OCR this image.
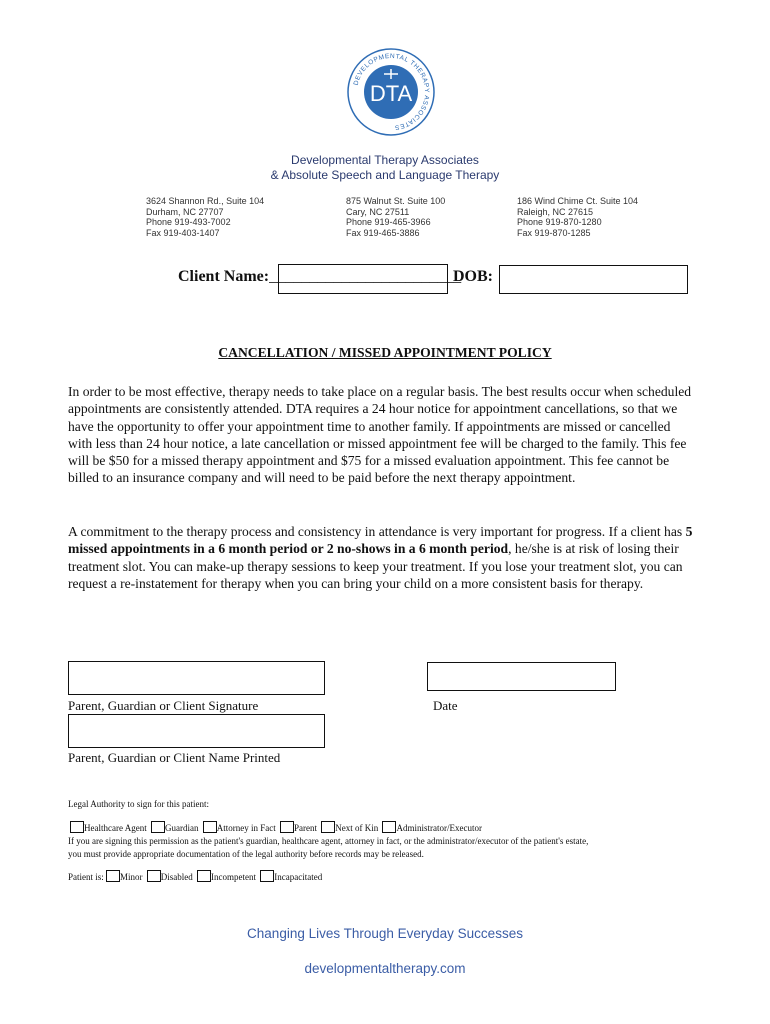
DEVELOPMENTAL THERAPY ASSOCIATES
DTA
Developmental Therapy Associates
& Absolute Speech and Language Therapy
3624 Shannon Rd., Suite 104
Durham, NC 27707
Phone 919-493-7002
Fax 919-403-1407
875 Walnut St. Suite 100
Cary, NC 27511
Phone 919-465-3966
Fax 919-465-3886
186 Wind Chime Ct. Suite 104
Raleigh, NC 27615
Phone 919-870-1280
Fax 919-870-1285
Client Name:________________________
DOB:
CANCELLATION / MISSED APPOINTMENT POLICY

In order to be most effective, therapy needs to take place on a regular basis. The best results occur when scheduled appointments are consistently attended. DTA requires a 24 hour notice for appointment cancellations, so that we have the opportunity to offer your appointment time to another family. If appointments are missed or cancelled with less than 24 hour notice, a late cancellation or missed appointment fee will be charged to the family. This fee will be $50 for a missed therapy appointment and $75 for a missed evaluation appointment. This fee cannot be billed to an insurance company and will need to be paid before the next therapy appointment.

A commitment to the therapy process and consistency in attendance is very important for progress. If a client has 5 missed appointments in a 6 month period or 2 no-shows in a 6 month period, he/she is at risk of losing their treatment slot. You can make-up therapy sessions to keep your treatment. If you lose your treatment slot, you can request a re-instatement for therapy when you can bring your child on a more consistent basis for therapy.

Parent, Guardian or Client Signature	Date
Parent, Guardian or Client Name Printed
Legal Authority to sign for this patient:
Healthcare Agent Guardian Attorney in Fact Parent Next of Kin Administrator/Executor
If you are signing this permission as the patient's guardian, healthcare agent, attorney in fact, or the administrator/executor of the patient's estate,
you must provide appropriate documentation of the legal authority before records may be released.
Patient is: Minor Disabled Incompetent Incapacitated
Changing Lives Through Everyday Successes
developmentaltherapy.com
